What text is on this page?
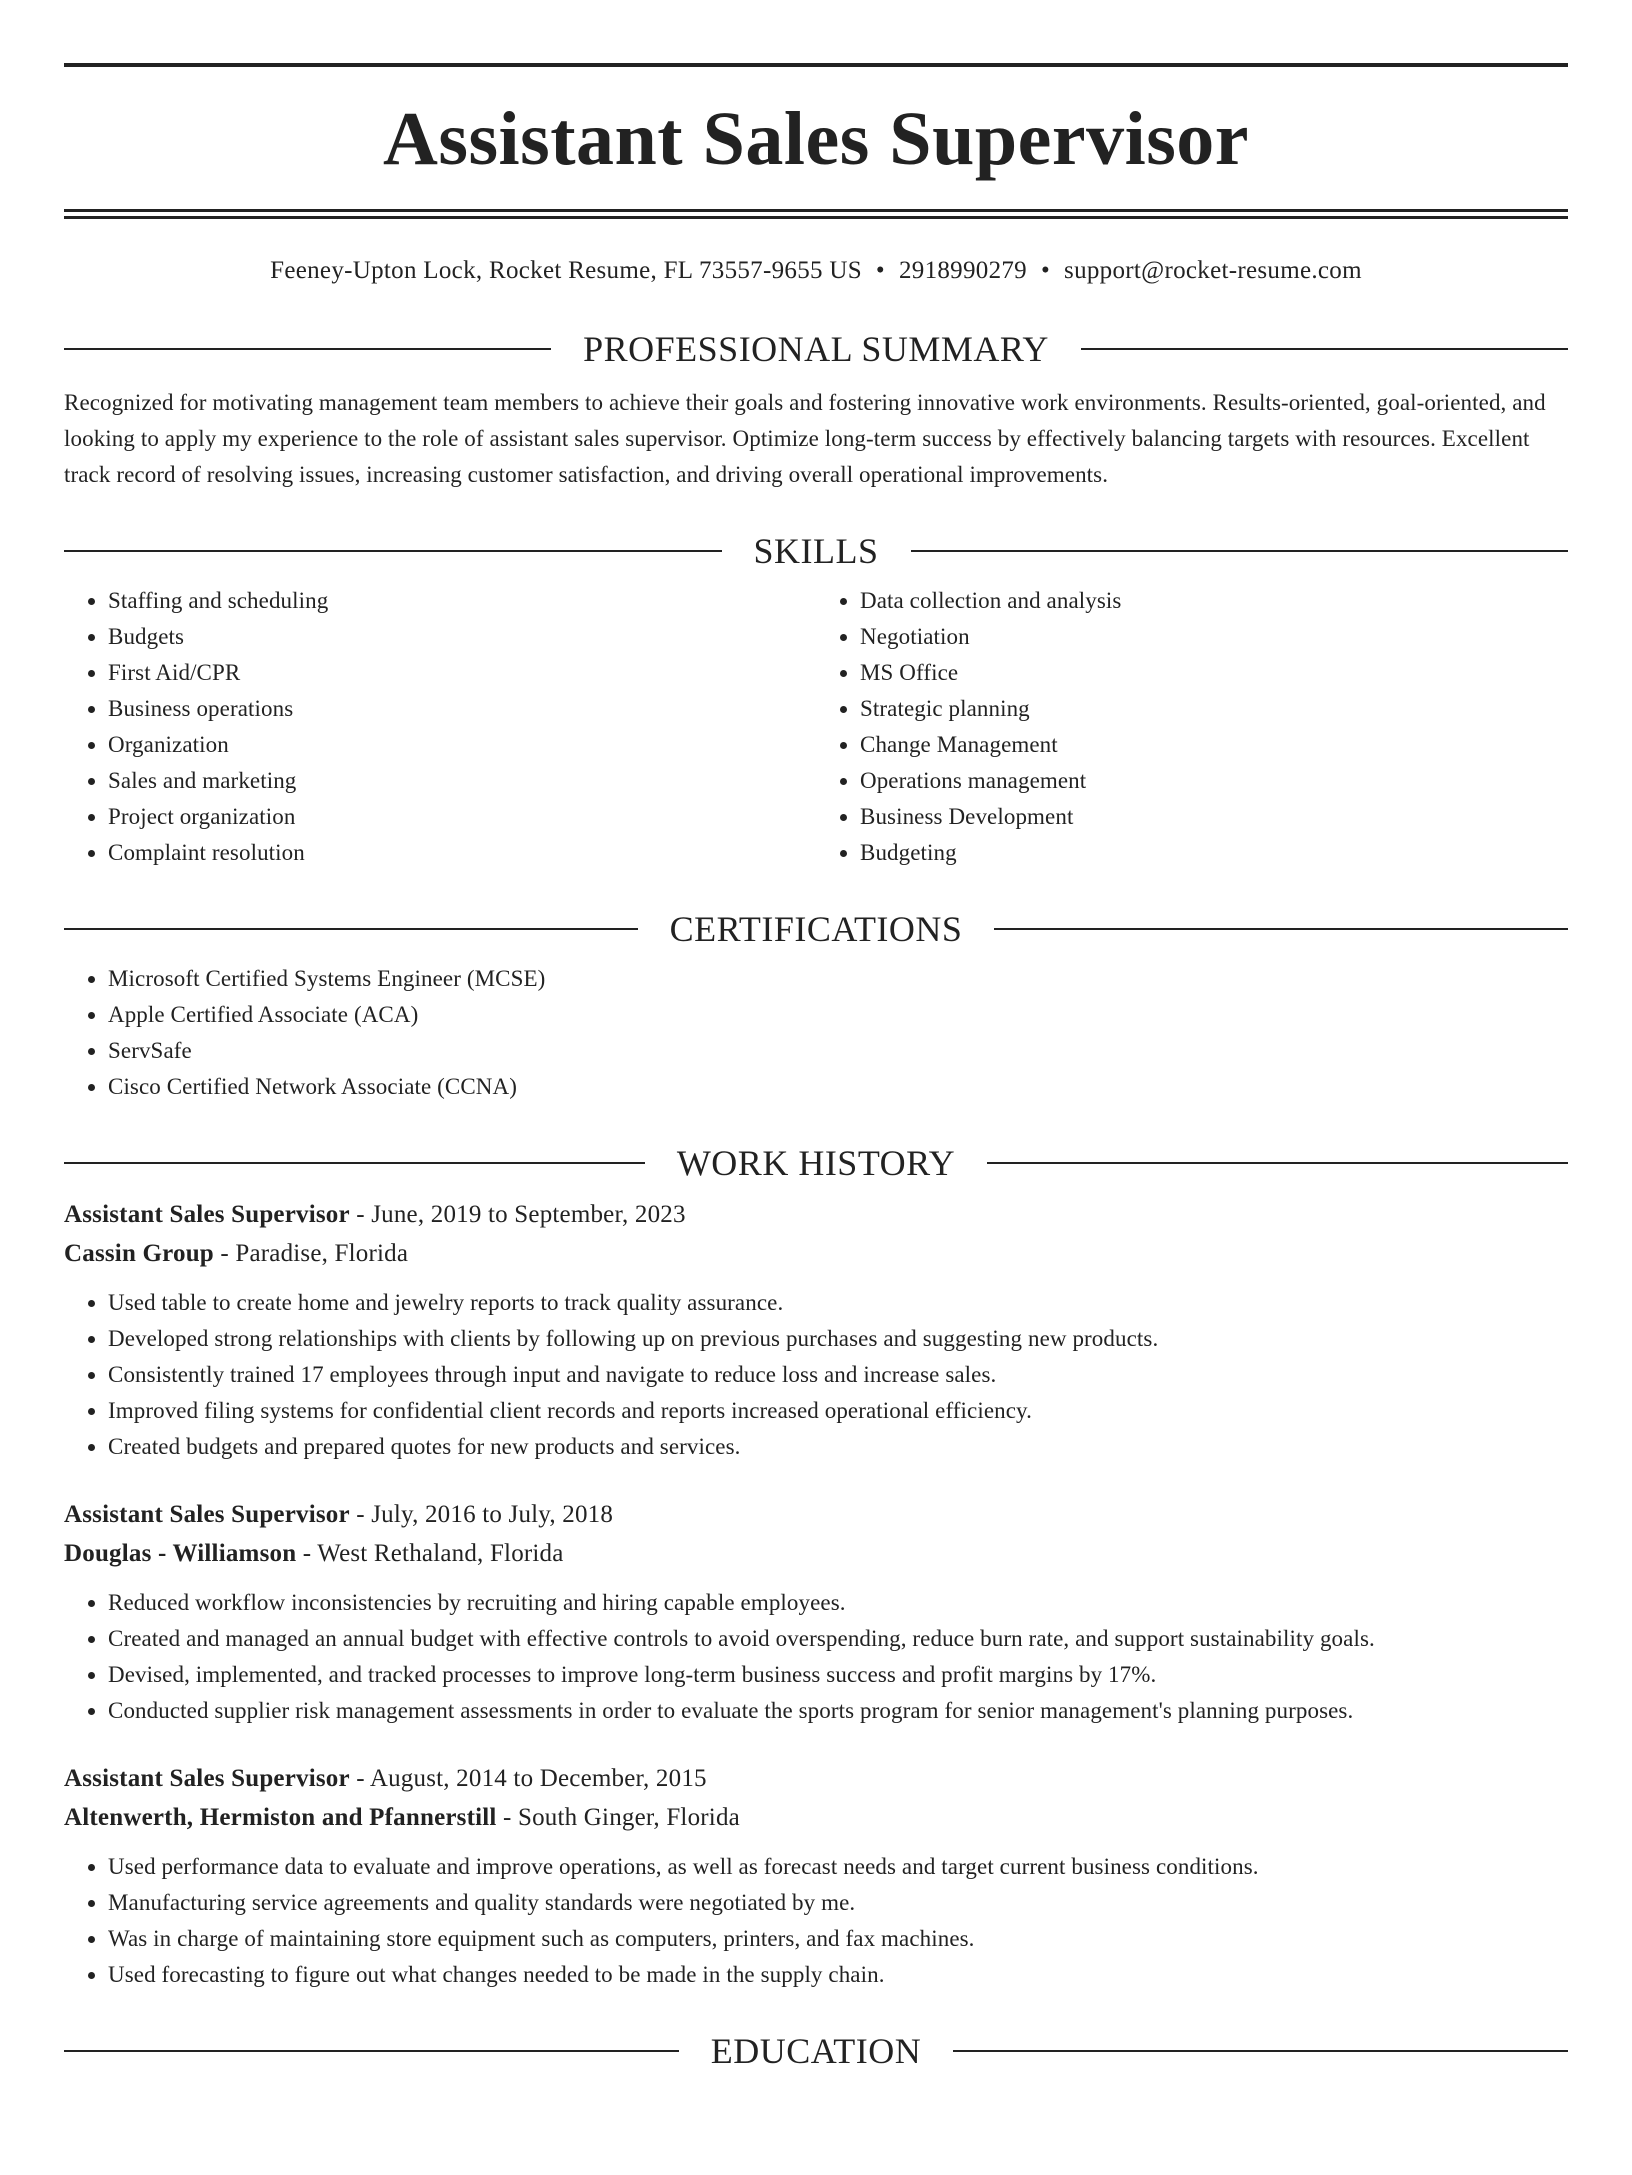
Assistant Sales Supervisor
Feeney-Upton Lock, Rocket Resume, FL 73557-9655 US • 2918990279 • support@rocket-resume.com
PROFESSIONAL SUMMARY
Recognized for motivating management team members to achieve their goals and fostering innovative work environments. Results-oriented, goal-oriented, and looking to apply my experience to the role of assistant sales supervisor. Optimize long-term success by effectively balancing targets with resources. Excellent track record of resolving issues, increasing customer satisfaction, and driving overall operational improvements.
SKILLS
• Staffing and scheduling
• Budgets
• First Aid/CPR
• Business operations
• Organization
• Sales and marketing
• Project organization
• Complaint resolution
• Data collection and analysis
• Negotiation
• MS Office
• Strategic planning
• Change Management
• Operations management
• Business Development
• Budgeting
CERTIFICATIONS
• Microsoft Certified Systems Engineer (MCSE)
• Apple Certified Associate (ACA)
• ServSafe
• Cisco Certified Network Associate (CCNA)
WORK HISTORY
Assistant Sales Supervisor - June, 2019 to September, 2023
Cassin Group - Paradise, Florida
• Used table to create home and jewelry reports to track quality assurance.
• Developed strong relationships with clients by following up on previous purchases and suggesting new products.
• Consistently trained 17 employees through input and navigate to reduce loss and increase sales.
• Improved filing systems for confidential client records and reports increased operational efficiency.
• Created budgets and prepared quotes for new products and services.
Assistant Sales Supervisor - July, 2016 to July, 2018
Douglas - Williamson - West Rethaland, Florida
• Reduced workflow inconsistencies by recruiting and hiring capable employees.
• Created and managed an annual budget with effective controls to avoid overspending, reduce burn rate, and support sustainability goals.
• Devised, implemented, and tracked processes to improve long-term business success and profit margins by 17%.
• Conducted supplier risk management assessments in order to evaluate the sports program for senior management's planning purposes.
Assistant Sales Supervisor - August, 2014 to December, 2015
Altenwerth, Hermiston and Pfannerstill - South Ginger, Florida
• Used performance data to evaluate and improve operations, as well as forecast needs and target current business conditions.
• Manufacturing service agreements and quality standards were negotiated by me.
• Was in charge of maintaining store equipment such as computers, printers, and fax machines.
• Used forecasting to figure out what changes needed to be made in the supply chain.
EDUCATION
